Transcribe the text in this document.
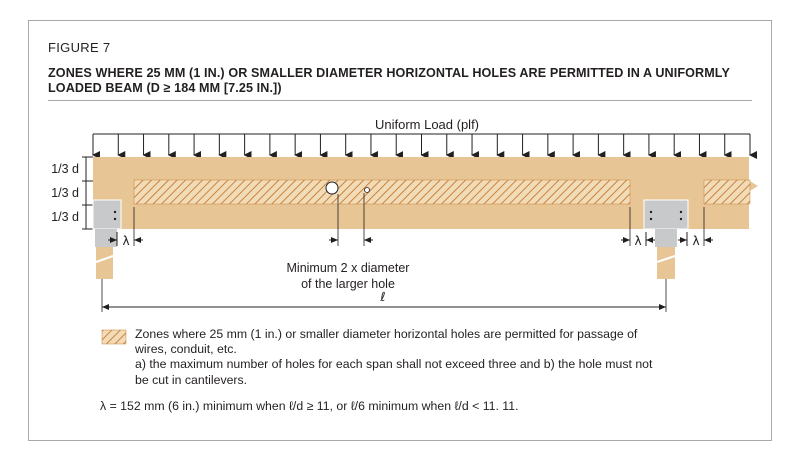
FIGURE 7
ZONES WHERE 25 MM (1 IN.) OR SMALLER DIAMETER HORIZONTAL HOLES ARE PERMITTED IN A UNIFORMLY LOADED BEAM (D ≥ 184 MM [7.25 IN.])
Uniform Load (plf)
1/3 d
1/3 d
1/3 d
λ	λ	λ
Minimum 2 x diameter
of the larger hole
ℓ

Zones where 25 mm (1 in.) or smaller diameter horizontal holes are permitted for passage of

wires, conduit, etc.

a) the maximum number of holes for each span shall not exceed three and b) the hole must not

be cut in cantilevers.

λ = 152 mm (6 in.) minimum when ℓ/d ≥ 11, or ℓ/6 minimum when ℓ/d < 11. 11.
